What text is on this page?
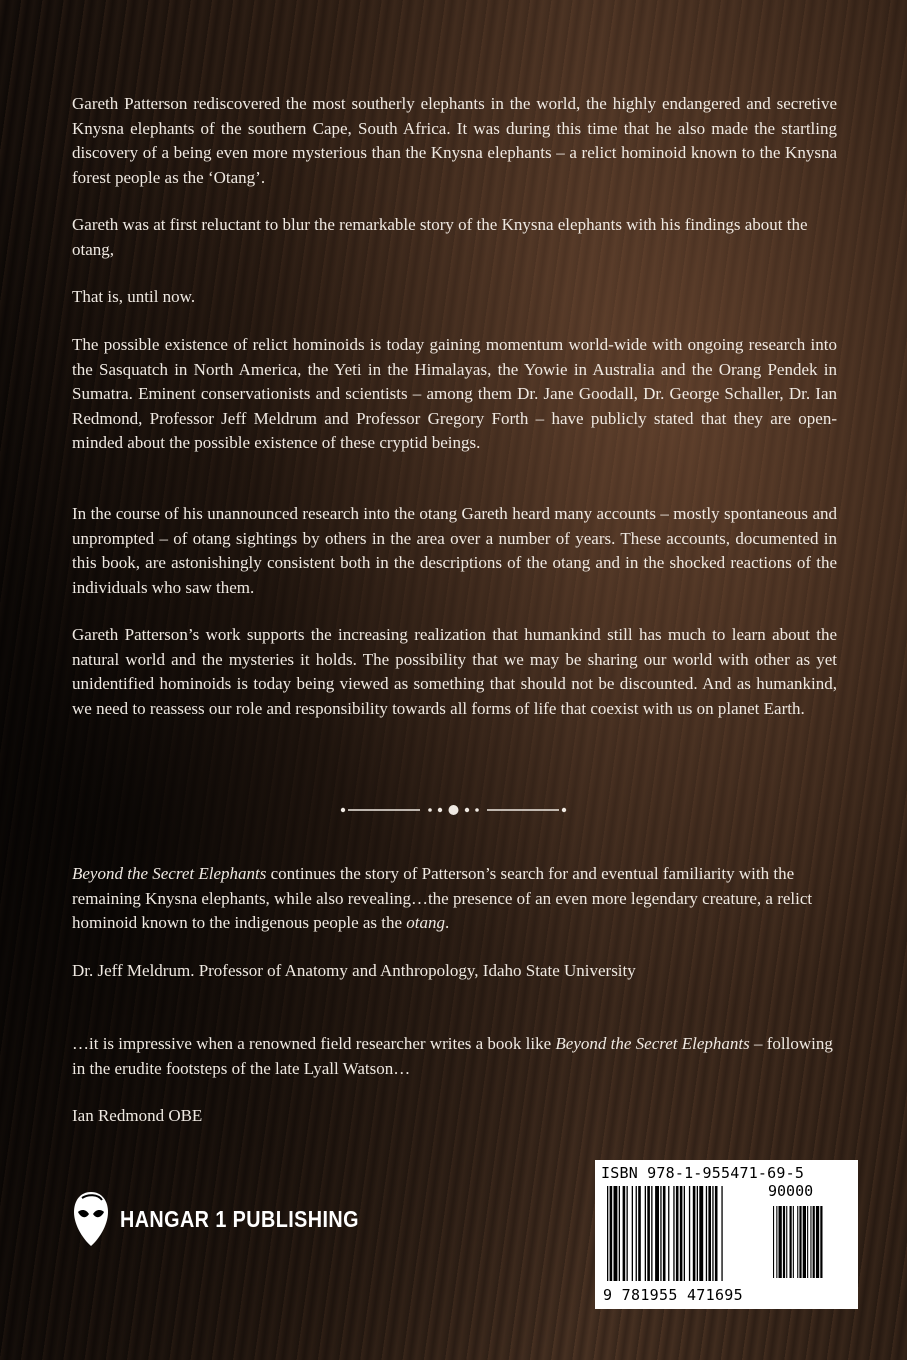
Gareth Patterson rediscovered the most southerly elephants in the world, the highly endangered and secretive Knysna elephants of the southern Cape, South Africa. It was during this time that he also made the startling discovery of a being even more mysterious than the Knysna elephants – a relict hominoid known to the Knysna forest people as the ‘Otang’.

Gareth was at first reluctant to blur the remarkable story of the Knysna elephants with his findings about the otang,

That is, until now.

The possible existence of relict hominoids is today gaining momentum world-wide with ongoing research into the Sasquatch in North America, the Yeti in the Himalayas, the Yowie in Australia and the Orang Pendek in Sumatra. Eminent conservationists and scientists – among them Dr. Jane Goodall, Dr. George Schaller, Dr. Ian Redmond, Professor Jeff Meldrum and Professor Gregory Forth – have publicly stated that they are open-minded about the possible existence of these cryptid beings.

In the course of his unannounced research into the otang Gareth heard many accounts – mostly spontaneous and unprompted – of otang sightings by others in the area over a number of years. These accounts, documented in this book, are astonishingly consistent both in the descriptions of the otang and in the shocked reactions of the individuals who saw them.

Gareth Patterson’s work supports the increasing realization that humankind still has much to learn about the natural world and the mysteries it holds. The possibility that we may be sharing our world with other as yet unidentified hominoids is today being viewed as something that should not be discounted. And as humankind, we need to reassess our role and responsibility towards all forms of life that coexist with us on planet Earth.

Beyond the Secret Elephants continues the story of Patterson’s search for and eventual familiarity with the remaining Knysna elephants, while also revealing…the presence of an even more legendary creature, a relict hominoid known to the indigenous people as the otang.

Dr. Jeff Meldrum. Professor of Anatomy and Anthropology, Idaho State University

…it is impressive when a renowned field researcher writes a book like Beyond the Secret Elephants – following in the erudite footsteps of the late Lyall Watson…

Ian Redmond OBE

HANGAR 1 PUBLISHING
ISBN 978-1-955471-69-5
90000
9 781955 471695
